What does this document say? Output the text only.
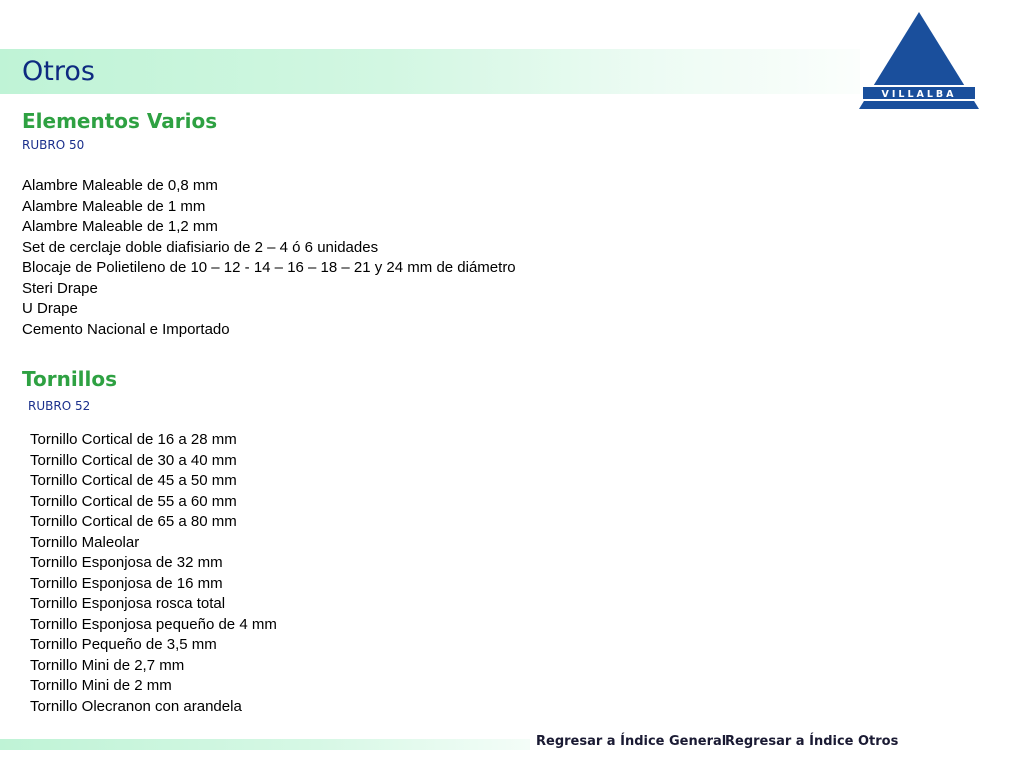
Otros
VILLALBA
Elementos Varios
RUBRO 50
Alambre Maleable de 0,8 mm
Alambre Maleable de 1 mm
Alambre Maleable de 1,2 mm
Set de cerclaje doble diafisiario de 2 – 4 ó 6 unidades
Blocaje de Polietileno de 10 – 12 - 14 – 16 – 18 – 21 y 24 mm de diámetro
Steri Drape
U Drape
Cemento Nacional e Importado
Tornillos
RUBRO 52
Tornillo Cortical de 16 a 28 mm
Tornillo Cortical de 30 a 40 mm
Tornillo Cortical de 45 a 50 mm
Tornillo Cortical de 55 a 60 mm
Tornillo Cortical de 65 a 80 mm
Tornillo Maleolar
Tornillo Esponjosa de 32 mm
Tornillo Esponjosa de 16 mm
Tornillo Esponjosa rosca total
Tornillo Esponjosa pequeño de 4 mm
Tornillo Pequeño de 3,5 mm
Tornillo Mini de 2,7 mm
Tornillo Mini de 2 mm
Tornillo Olecranon con arandela
Regresar a Índice General
Regresar a Índice Otros
